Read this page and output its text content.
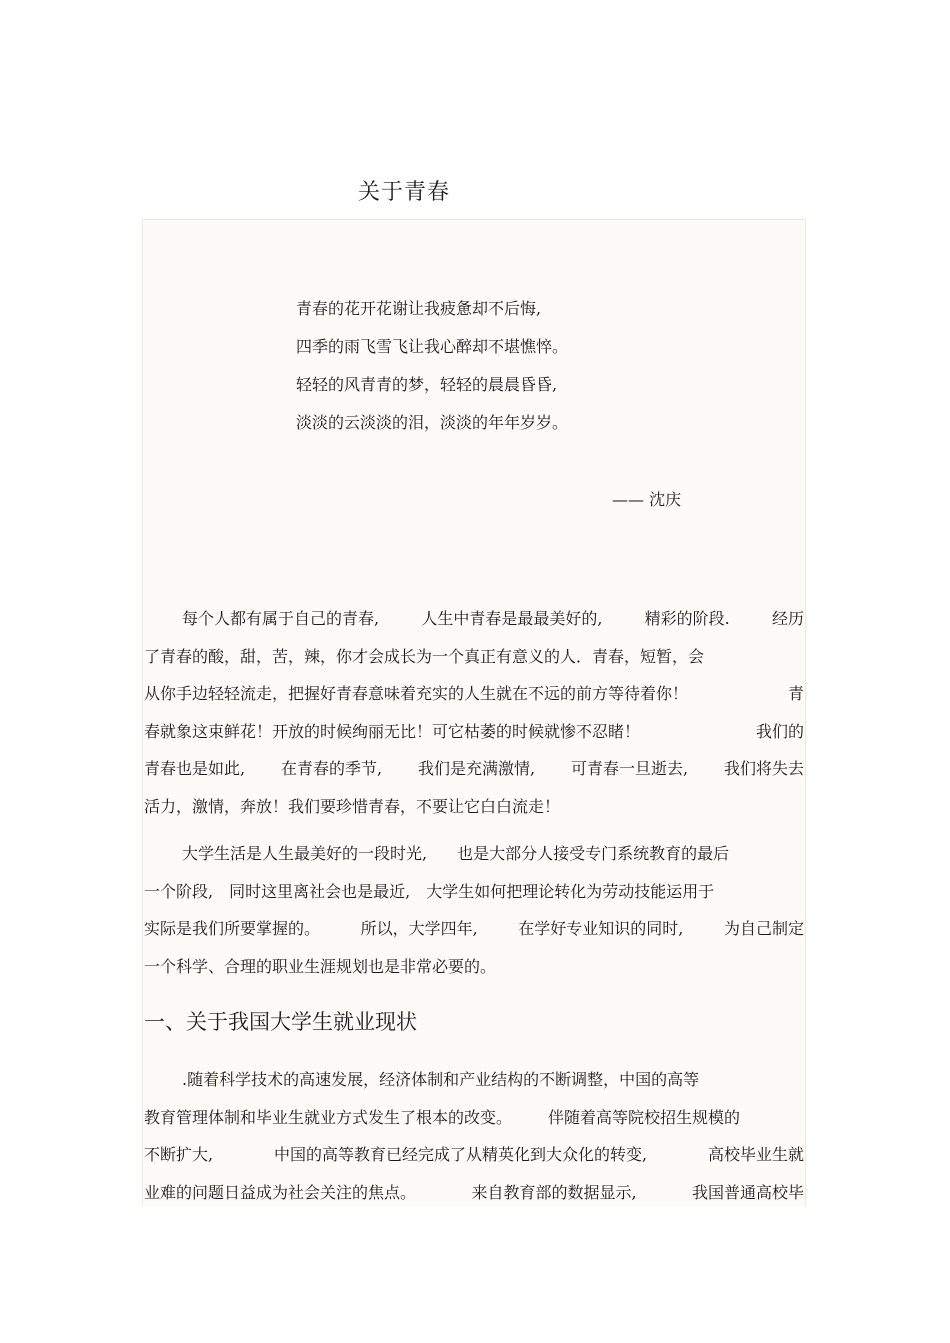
关于青春
青春的花开花谢让我疲惫却不后悔,
四季的雨飞雪飞让我心醉却不堪憔悴。
轻轻的风青青的梦，轻轻的晨晨昏昏,
淡淡的云淡淡的泪，淡淡的年年岁岁。
—— 沈庆
每个人都有属于自己的青春,	人生中青春是最最美好的,	精彩的阶段.	经历
了青春的酸，甜，苦，辣，你才会成长为一个真正有意义的人．青春，短暂，会
从你手边轻轻流走，把握好青春意味着充实的人生就在不远的前方等待着你！	青
春就象这束鲜花！开放的时候绚丽无比！可它枯萎的时候就惨不忍睹！	我们的
青春也是如此, 在青春的季节, 我们是充满激情, 可青春一旦逝去, 我们将失去
活力，激情，奔放！我们要珍惜青春，不要让它白白流走！
大学生活是人生最美好的一段时光, 也是大部分人接受专门系统教育的最后
一个阶段, 同时这里离社会也是最近, 大学生如何把理论转化为劳动技能运用于
实际是我们所要掌握的。	所以，大学四年,	在学好专业知识的同时,	为自己制定
一个科学、合理的职业生涯规划也是非常必要的。
一、关于我国大学生就业现状
.随着科学技术的高速发展，经济体制和产业结构的不断调整，中国的高等
教育管理体制和毕业生就业方式发生了根本的改变。 伴随着高等院校招生规模的
不断扩大,	中国的高等教育已经完成了从精英化到大众化的转变,	高校毕业生就
业难的问题日益成为社会关注的焦点。	来自教育部的数据显示,	我国普通高校毕
